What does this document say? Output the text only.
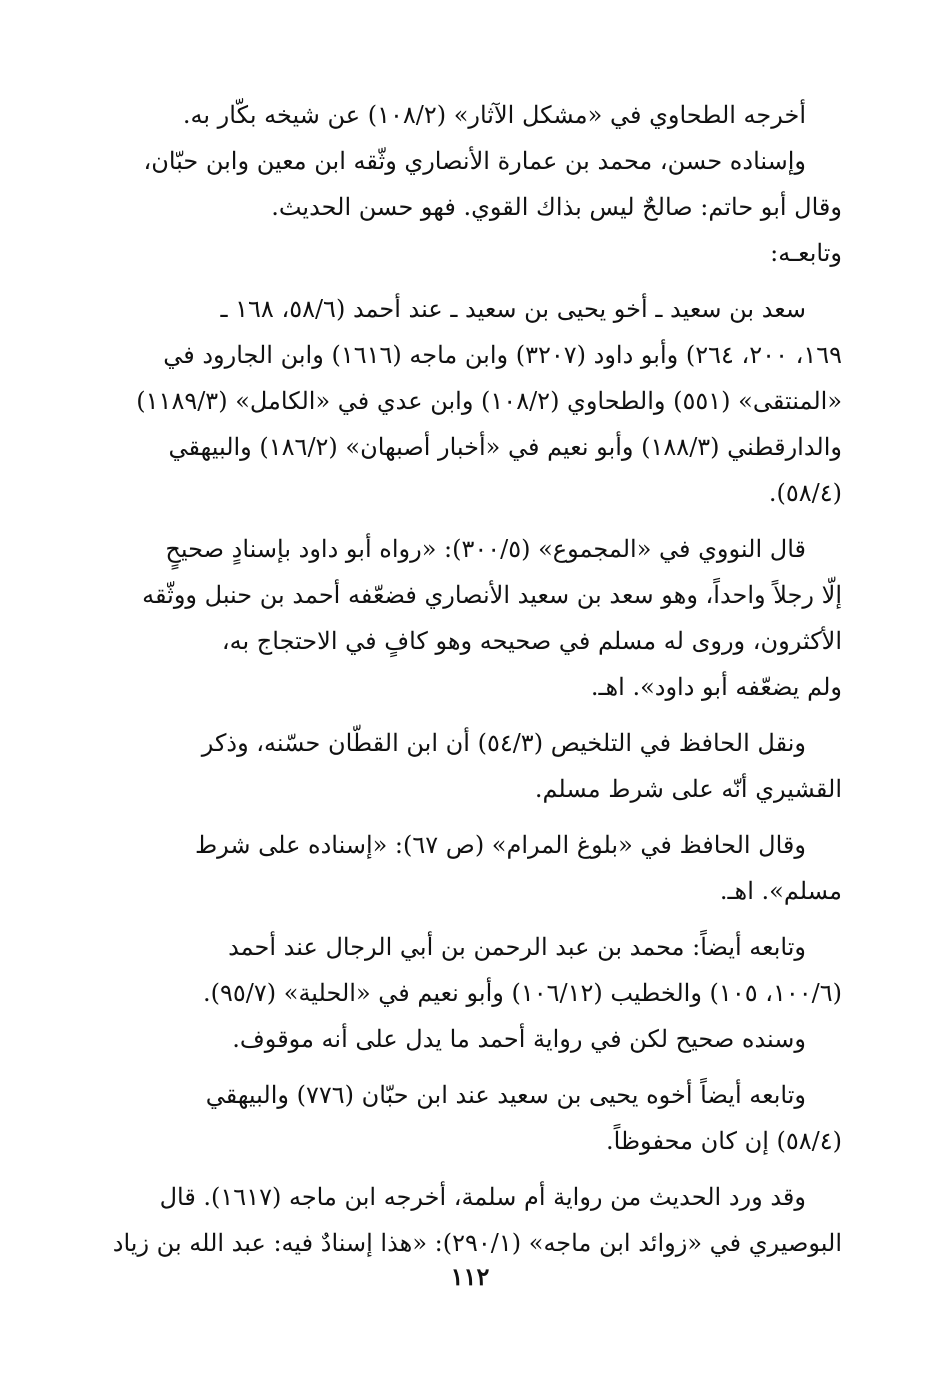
أخرجه الطحاوي في «مشكل الآثار» (١٠٨/٢) عن شيخه بكّار به.
وإسناده حسن، محمد بن عمارة الأنصاري وثّقه ابن معين وابن حبّان،
وقال أبو حاتم: صالحٌ ليس بذاك القوي. فهو حسن الحديث.
وتابعـه:
سعد بن سعيد ـ أخو يحيى بن سعيد ـ عند أحمد (٥٨/٦، ١٦٨ ـ
١٦٩، ٢٠٠، ٢٦٤) وأبو داود (٣٢٠٧) وابن ماجه (١٦١٦) وابن الجارود في
«المنتقى» (٥٥١) والطحاوي (١٠٨/٢) وابن عدي في «الكامل» (١١٨٩/٣)
والدارقطني (١٨٨/٣) وأبو نعيم في «أخبار أصبهان» (١٨٦/٢) والبيهقي
(٥٨/٤).
قال النووي في «المجموع» (٣٠٠/٥): «رواه أبو داود بإسنادٍ صحيحٍ
إلّا رجلاً واحداً، وهو سعد بن سعيد الأنصاري فضعّفه أحمد بن حنبل ووثّقه
الأكثرون، وروى له مسلم في صحيحه وهو كافٍ في الاحتجاج به،
ولم يضعّفه أبو داود». اهـ.
ونقل الحافظ في التلخيص (٥٤/٣) أن ابن القطّان حسّنه، وذكر
القشيري أنّه على شرط مسلم.
وقال الحافظ في «بلوغ المرام» (ص ٦٧): «إسناده على شرط
مسلم». اهـ.
وتابعه أيضاً: محمد بن عبد الرحمن بن أبي الرجال عند أحمد
(١٠٠/٦، ١٠٥) والخطيب (١٠٦/١٢) وأبو نعيم في «الحلية» (٩٥/٧).
وسنده صحيح لكن في رواية أحمد ما يدل على أنه موقوف.
وتابعه أيضاً أخوه يحيى بن سعيد عند ابن حبّان (٧٧٦) والبيهقي
(٥٨/٤) إن كان محفوظاً.
وقد ورد الحديث من رواية أم سلمة، أخرجه ابن ماجه (١٦١٧). قال
البوصيري في «زوائد ابن ماجه» (٢٩٠/١): «هذا إسنادٌ فيه: عبد الله بن زياد
١١٢
